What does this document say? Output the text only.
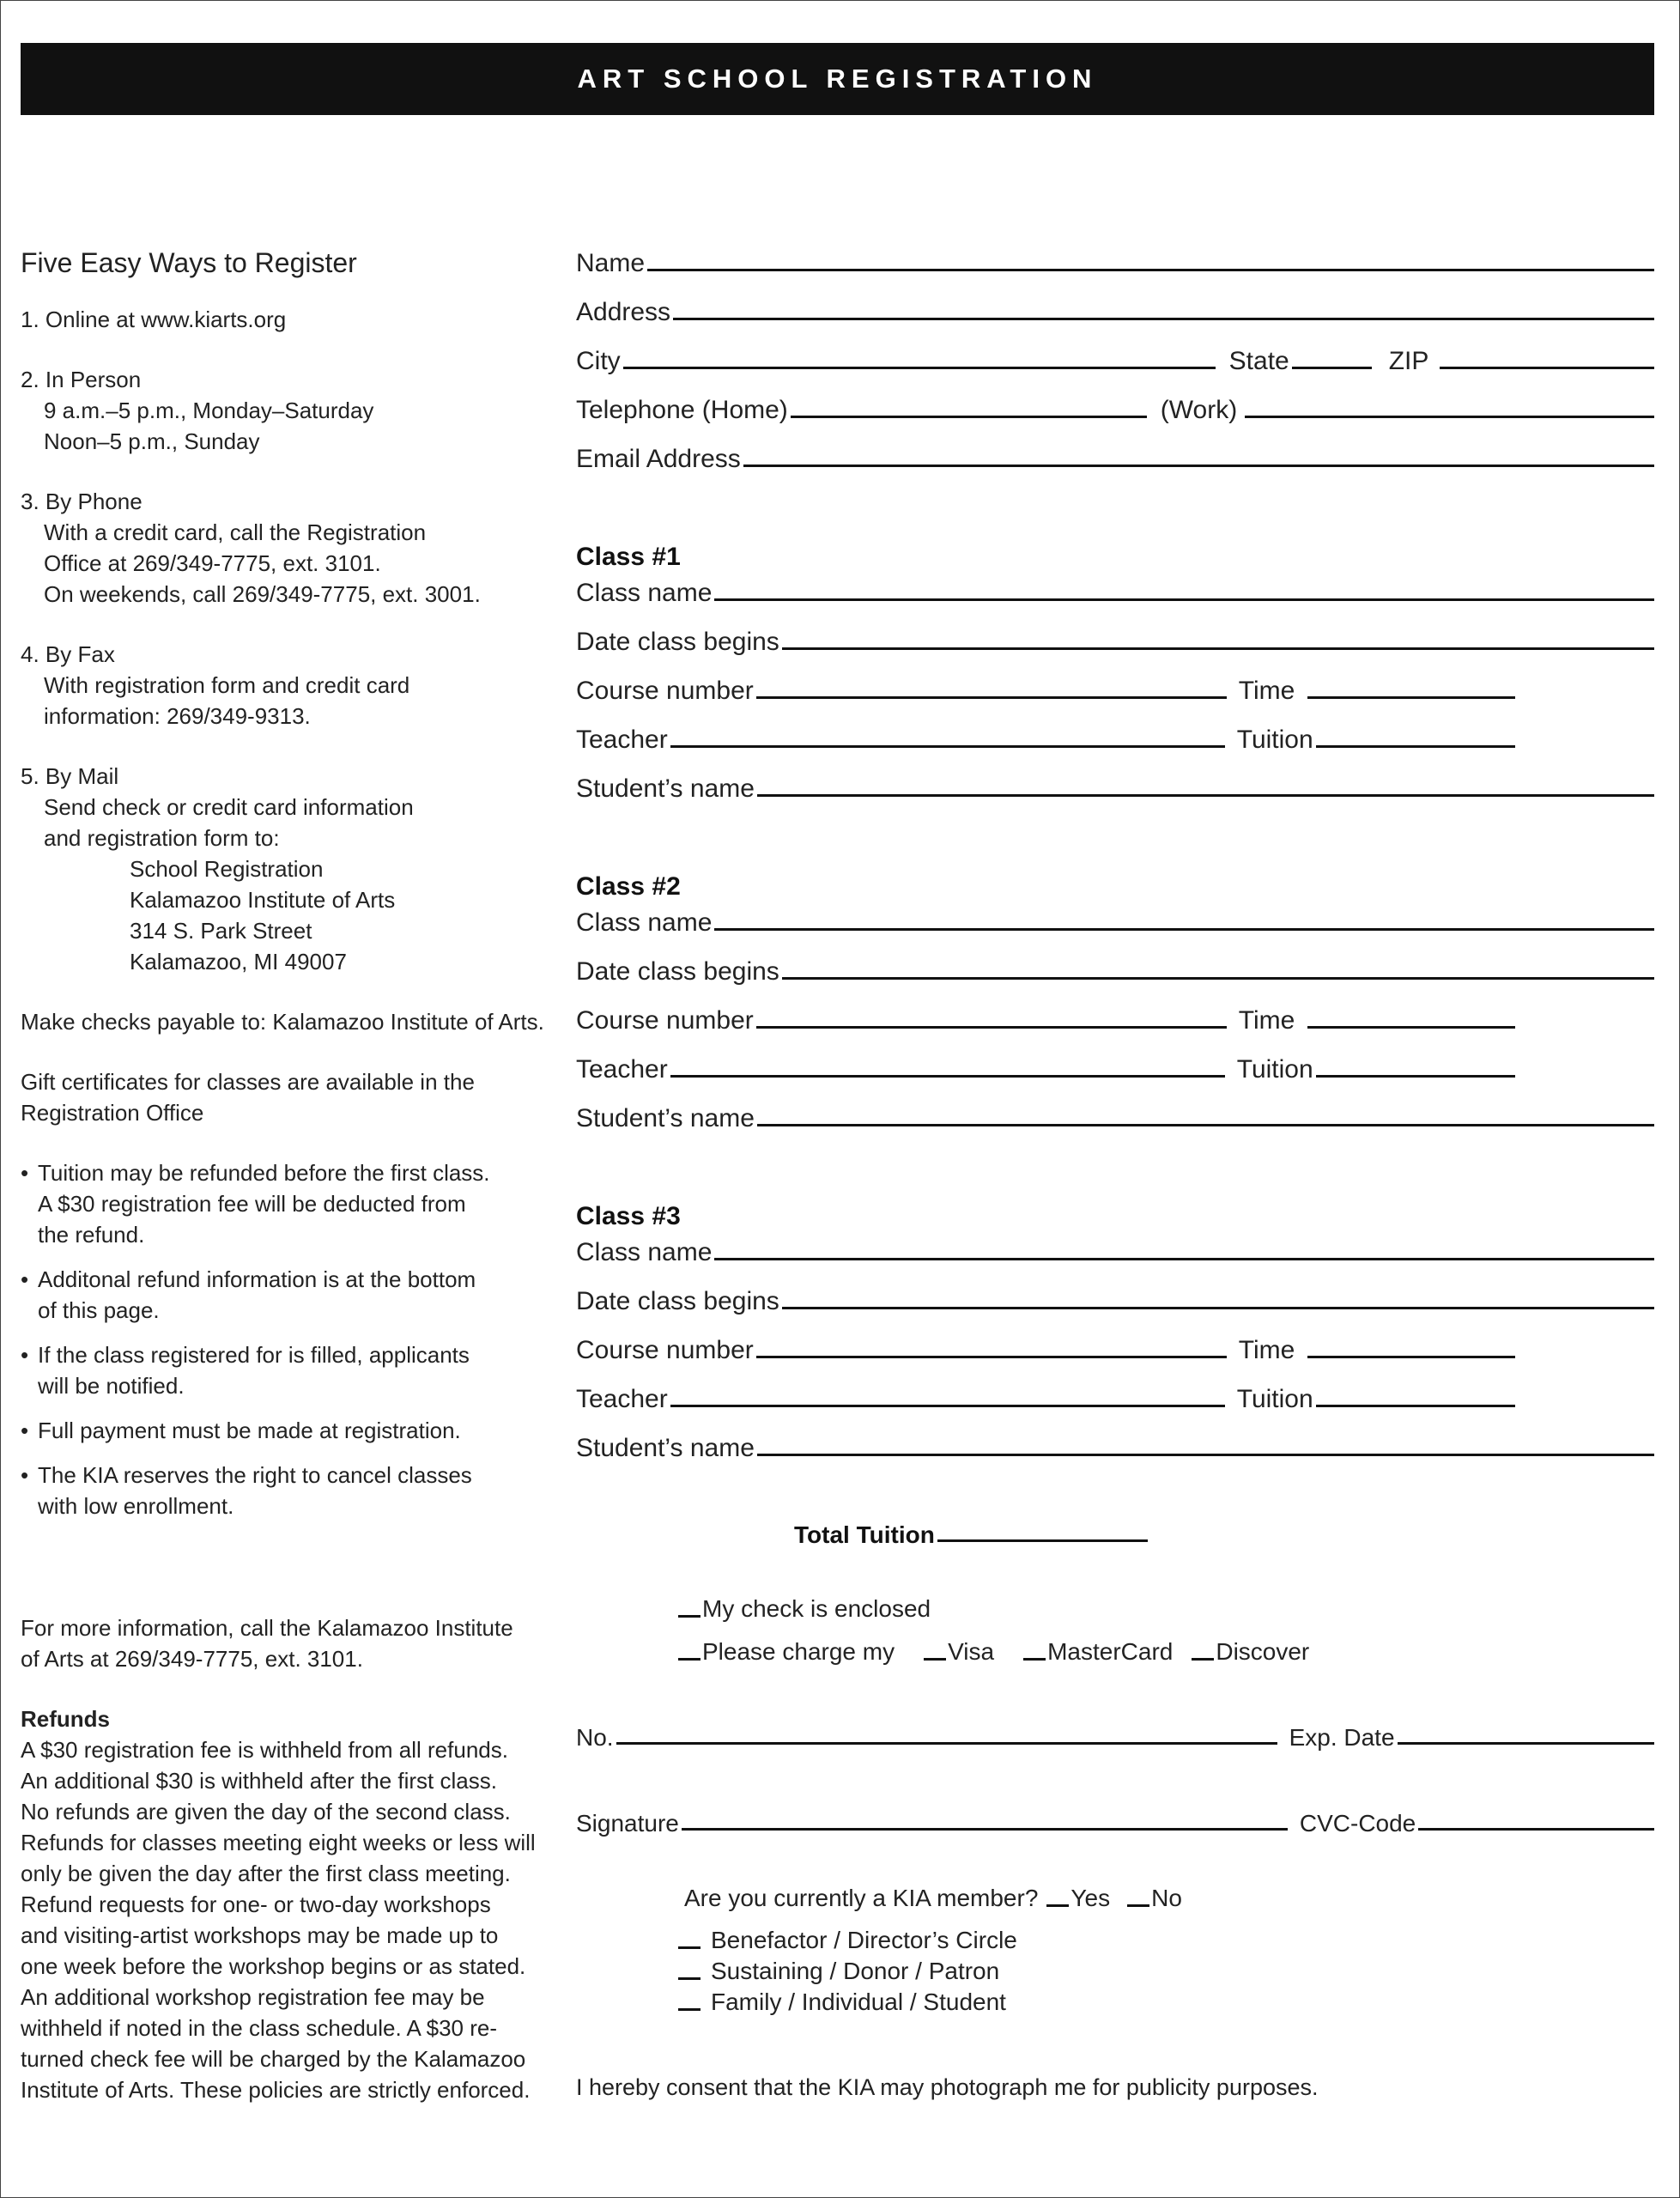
ART SCHOOL REGISTRATION
Five Easy Ways to Register
1. Online at www.kiarts.org
2. In Person
9 a.m.–5 p.m., Monday–Saturday
Noon–5 p.m., Sunday
3. By Phone
With a credit card, call the Registration
Office at 269/349-7775, ext. 3101.
On weekends, call 269/349-7775, ext. 3001.
4. By Fax
With registration form and credit card
information: 269/349-9313.
5. By Mail
Send check or credit card information
and registration form to:
School Registration
Kalamazoo Institute of Arts
314 S. Park Street
Kalamazoo, MI 49007
Make checks payable to: Kalamazoo Institute of Arts.
Gift certificates for classes are available in the
Registration Office
• Tuition may be refunded before the first class.
A $30 registration fee will be deducted from
the refund.
• Additonal refund information is at the bottom
of this page.
• If the class registered for is filled, applicants
will be notified.
• Full payment must be made at registration.
• The KIA reserves the right to cancel classes
with low enrollment.
For more information, call the Kalamazoo Institute
of Arts at 269/349-7775, ext. 3101.
Refunds
A $30 registration fee is withheld from all refunds.
An additional $30 is withheld after the first class.
No refunds are given the day of the second class.
Refunds for classes meeting eight weeks or less will
only be given the day after the first class meeting.
Refund requests for one- or two-day workshops
and visiting-artist workshops may be made up to
one week before the workshop begins or as stated.
An additional workshop registration fee may be
withheld if noted in the class schedule. A $30 re-
turned check fee will be charged by the Kalamazoo
Institute of Arts. These policies are strictly enforced.
Name
Address
City	State	ZIP
Telephone (Home)	(Work)
Email Address
Class #1
Class name
Date class begins
Course number	Time
Teacher	Tuition
Student’s name
Class #2
Class name
Date class begins
Course number	Time
Teacher	Tuition
Student’s name
Class #3
Class name
Date class begins
Course number	Time
Teacher	Tuition
Student’s name
Total Tuition
My check is enclosed
Please charge my Visa MasterCard Discover
No.	Exp. Date
Signature	CVC-Code
Are you currently a KIA member? Yes No
Benefactor / Director’s Circle
Sustaining / Donor / Patron
Family / Individual / Student
I hereby consent that the KIA may photograph me for publicity purposes.
